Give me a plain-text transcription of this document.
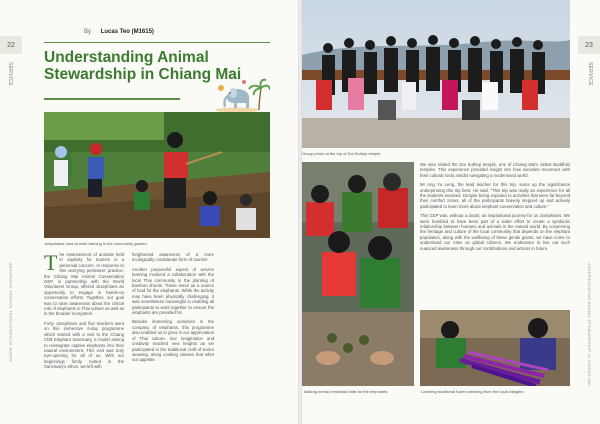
22
SERVICE
SHARE INTERNATIONAL SCHOOL SINGAPORE
By Lucas Teo (M1615)
Understanding Animal Stewardship in Chiang Mai
Josephians hard at work farming in the community garden

The mistreatment of animals held in captivity for tourism is a perennial concern. In response to this worrying persistent practice, the Chiang Mai Animal Conservation GEP, in partnership with the World Volunteers Group, offered Josephians an opportunity to engage in hands-on conservation efforts. Together, our goal was to raise awareness about the critical role of elephants in Thai culture as well as in the broader ecosystem.

Forty Josephians and five teachers went on this immersive 6-day programme which started with a visit to the Chiang Chill Elephant Sanctuary, a model aiming to reintegrate captive elephants into their natural environment. This visit was truly eye-opening for all of us. With our beginnings firmly rooted in the Sanctuary's ethos, we left with

heightened awareness of a more ecologically considerate form of tourism.

Another purposeful aspect of service learning involved a collaboration with the local Thai community in the planting of bamboo shoots. These serve as a source of food for the elephants. While the activity may have been physically challenging, it was nonetheless meaningful in enabling all participants to work together to ensure the elephants are provided for.

Besides immersing ourselves in the company of elephants, this programme also enabled us to grow in our appreciation of Thai culture. Our imagination and creativity reached new heights as we participated in the traditional craft of Karen weaving, along cooking classes that whet our appetite.

23
SERVICE
UNDERSTANDING ANIMAL STEWARDSHIP IN CHIANG MAI
Group photo at the top of Doi Suthep temple
Making herbal medicinal balls for the elephants

We also visited the Doi Suthep temple, one of Chiang Mai's oldest Buddhist temples. This experience provided insight into how societies reconnect with their cultural roots amidst navigating a modernised world.

Mr Ang Yu Leng, the lead teacher for this trip, sums up the significance underpinning this trip best. He said, "This trip was really an experience for all the students involved. Despite being exposed to activities that were far beyond their comfort zones, all of the participants bravely stepped up and actively participated to learn more about elephant conservation and culture."

This GEP was, without a doubt, an inspirational journey for us Josephians. We were humbled to have been part of a wider effort to create a symbiotic relationship between humans and animals in the natural world. By conserving the heritage and culture of the local community that depends on the elephant population, along with the wellbeing of these gentle giants, we have come to understand our roles as global citizens. We endeavour to live out such nuanced awareness through our contributions and actions in future.

Learning traditional Karen weaving from the local villagers
